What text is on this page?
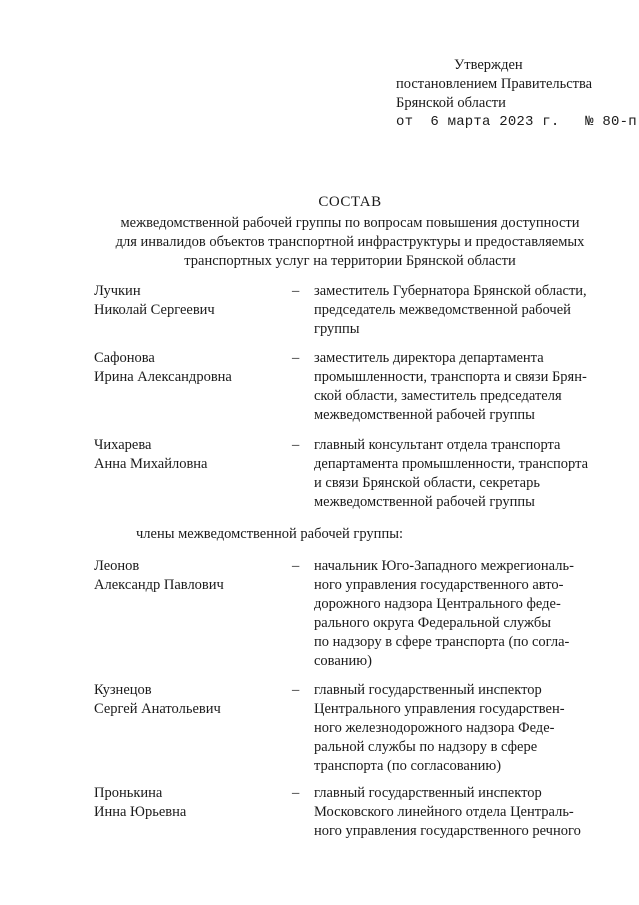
Утвержден
постановлением Правительства
Брянской области
от  6 марта 2023 г.   № 80-п
СОСТАВ
межведомственной рабочей группы по вопросам повышения доступности
для инвалидов объектов транспортной инфраструктуры и предоставляемых
транспортных услуг на территории Брянской области
Лучкин
Николай Сергеевич
–	заместитель Губернатора Брянской области,
председатель межведомственной рабочей
группы
Сафонова
Ирина Александровна
–	заместитель директора департамента
промышленности, транспорта и связи Брян-
ской области, заместитель председателя
межведомственной рабочей группы
Чихарева
Анна Михайловна
–	главный консультант отдела транспорта
департамента промышленности, транспорта
и связи Брянской области, секретарь
межведомственной рабочей группы
члены межведомственной рабочей группы:
Леонов
Александр Павлович
–	начальник Юго-Западного межрегиональ-
ного управления государственного авто-
дорожного надзора Центрального феде-
рального округа Федеральной службы
по надзору в сфере транспорта (по согла-
сованию)
Кузнецов
Сергей Анатольевич
–	главный государственный инспектор
Центрального управления государствен-
ного железнодорожного надзора Феде-
ральной службы по надзору в сфере
транспорта (по согласованию)
Пронькина
Инна Юрьевна
–	главный государственный инспектор
Московского линейного отдела Централь-
ного управления государственного речного
